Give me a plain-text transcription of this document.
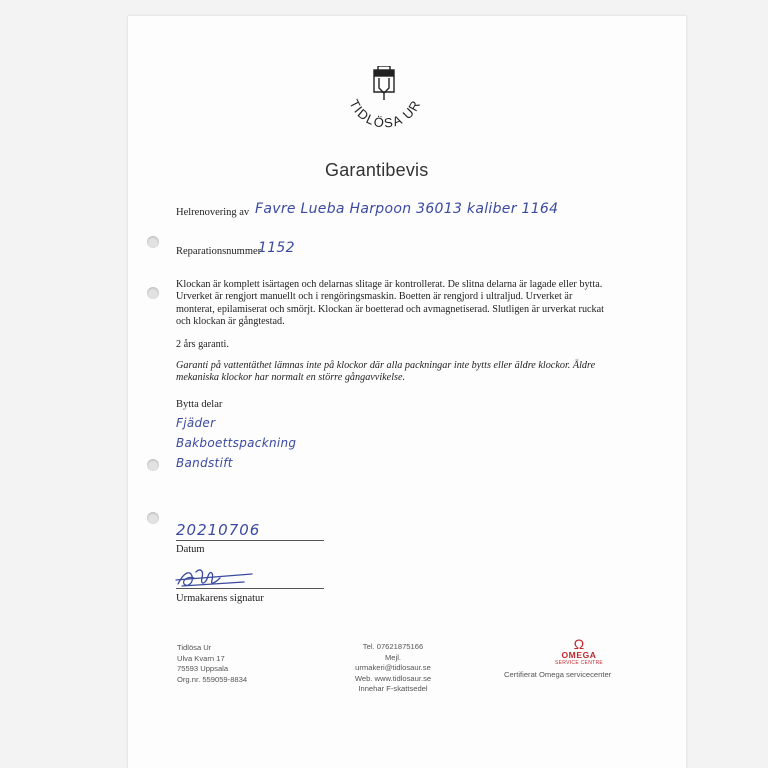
TIDLÖSA UR
Garantibevis
Helrenovering av Favre Lueba Harpoon 36013 kaliber 1164
Reparationsnummer
1152
Klockan är komplett isärtagen och delarnas slitage är kontrollerat. De slitna delarna är lagade eller bytta. Urverket är rengjort manuellt och i rengöringsmaskin. Boetten är rengjord i ultraljud. Urverket är monterat, epilamiserat och smörjt. Klockan är boetterad och avmagnetiserad. Slutligen är urverkat ruckat och klockan är gångtestad.
2 års garanti.
Garanti på vattentäthet lämnas inte på klockor där alla packningar inte bytts eller äldre klockor. Äldre mekaniska klockor har normalt en större gångavvikelse.
Bytta delar
Fjäder
Bakboettspackning
Bandstift
20210706
Datum
Urmakarens signatur
Tidlösa Ur
Ulva Kvarn 17
75593 Uppsala
Org.nr. 559059-8834
Tel. 07621875166
Mejl. urmakeri@tidlosaur.se
Web. www.tidlosaur.se
Innehar F-skattsedel
Ω
OMEGA
SERVICE CENTRE
Certifierat Omega servicecenter
